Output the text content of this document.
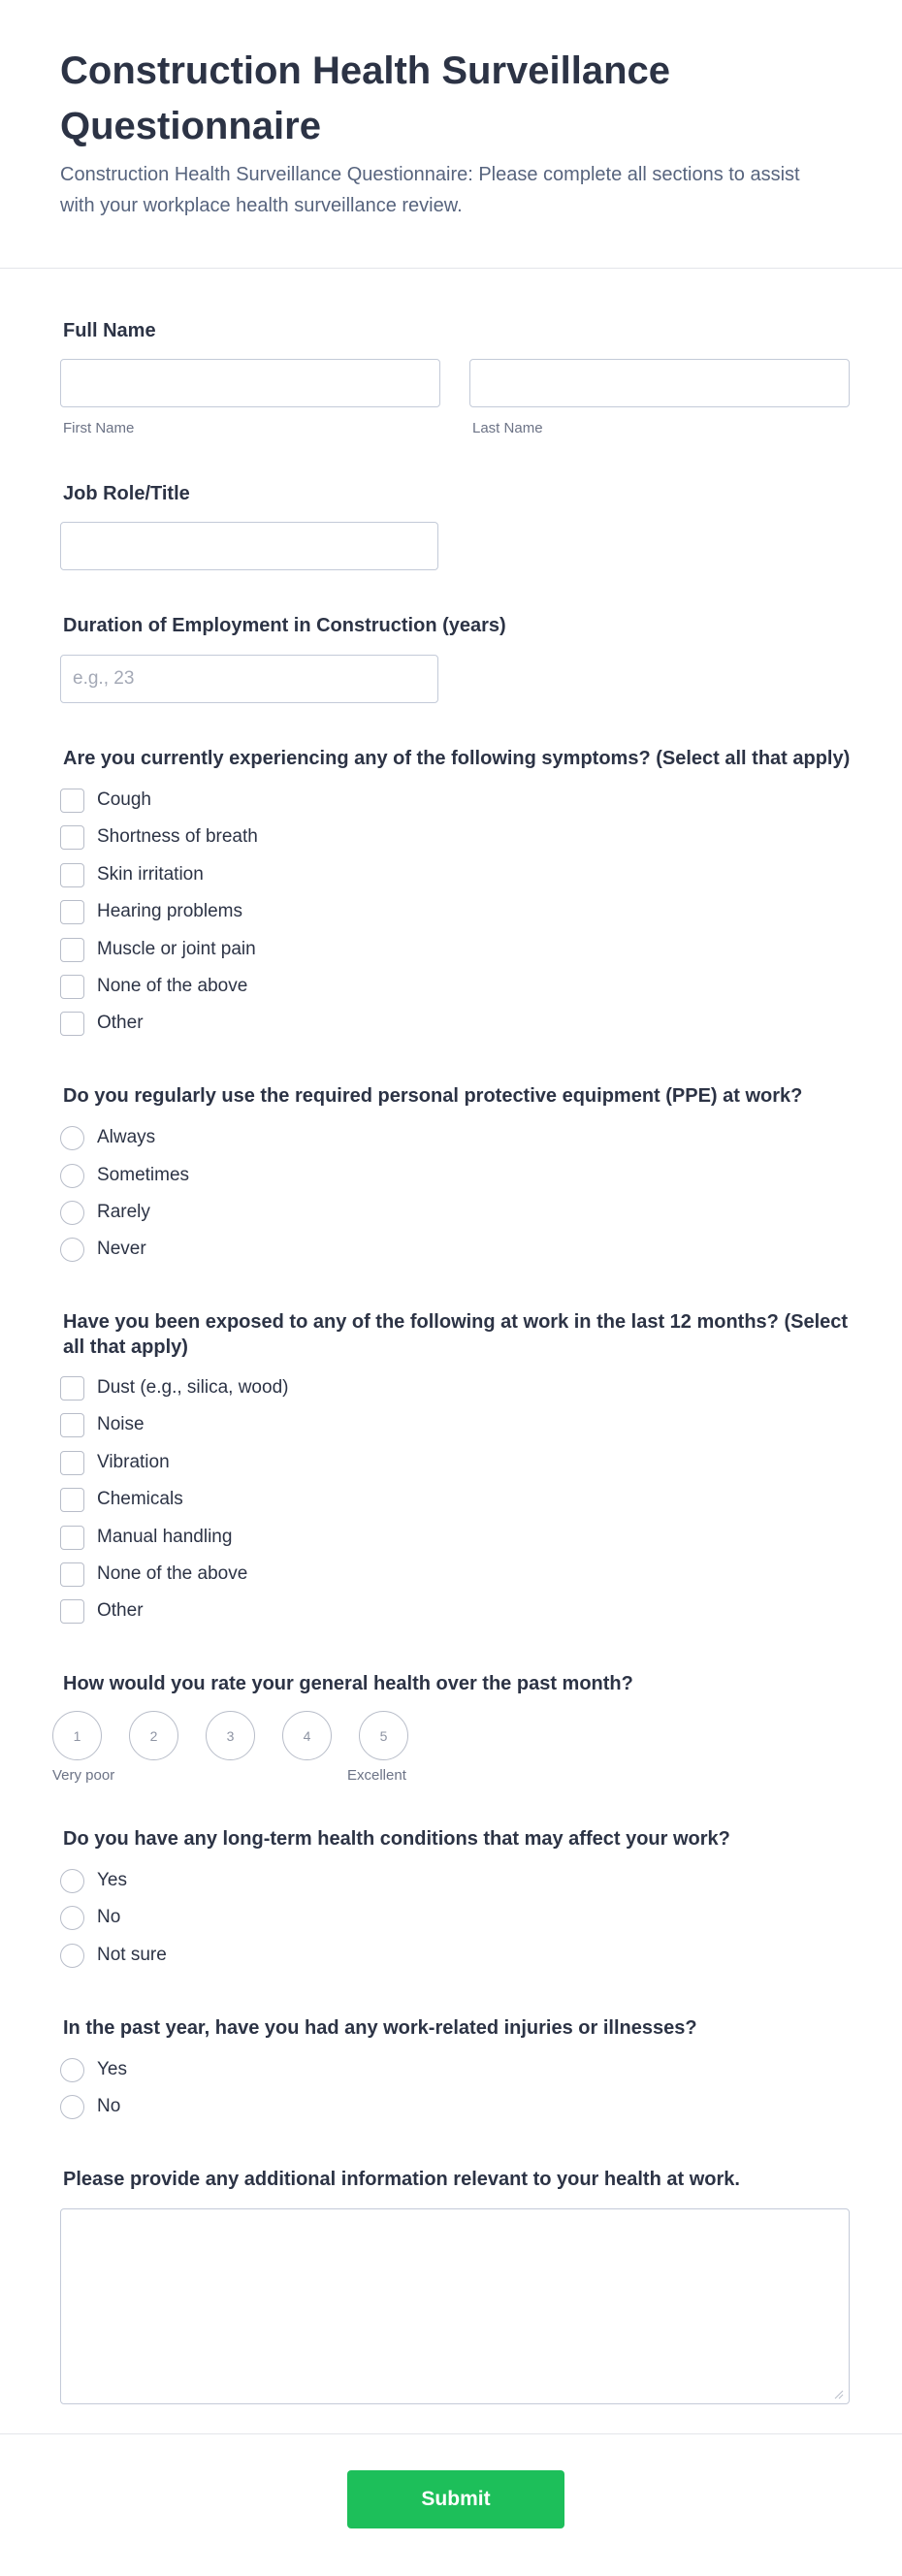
Construction Health Surveillance Questionnaire

Construction Health Surveillance Questionnaire: Please complete all sections to assist with your workplace health surveillance review.

Full Name
First Name	Last Name
Job Role/Title
Duration of Employment in Construction (years)
e.g., 23
Are you currently experiencing any of the following symptoms? (Select all that apply)
Cough
Shortness of breath
Skin irritation
Hearing problems
Muscle or joint pain
None of the above
Other
Do you regularly use the required personal protective equipment (PPE) at work?
Always
Sometimes
Rarely
Never
Have you been exposed to any of the following at work in the last 12 months? (Select all that apply)
Dust (e.g., silica, wood)
Noise
Vibration
Chemicals
Manual handling
None of the above
Other
How would you rate your general health over the past month?
1	2	3	4	5
Very poor	Excellent
Do you have any long-term health conditions that may affect your work?
Yes
No
Not sure
In the past year, have you had any work-related injuries or illnesses?
Yes
No
Please provide any additional information relevant to your health at work.
Submit
